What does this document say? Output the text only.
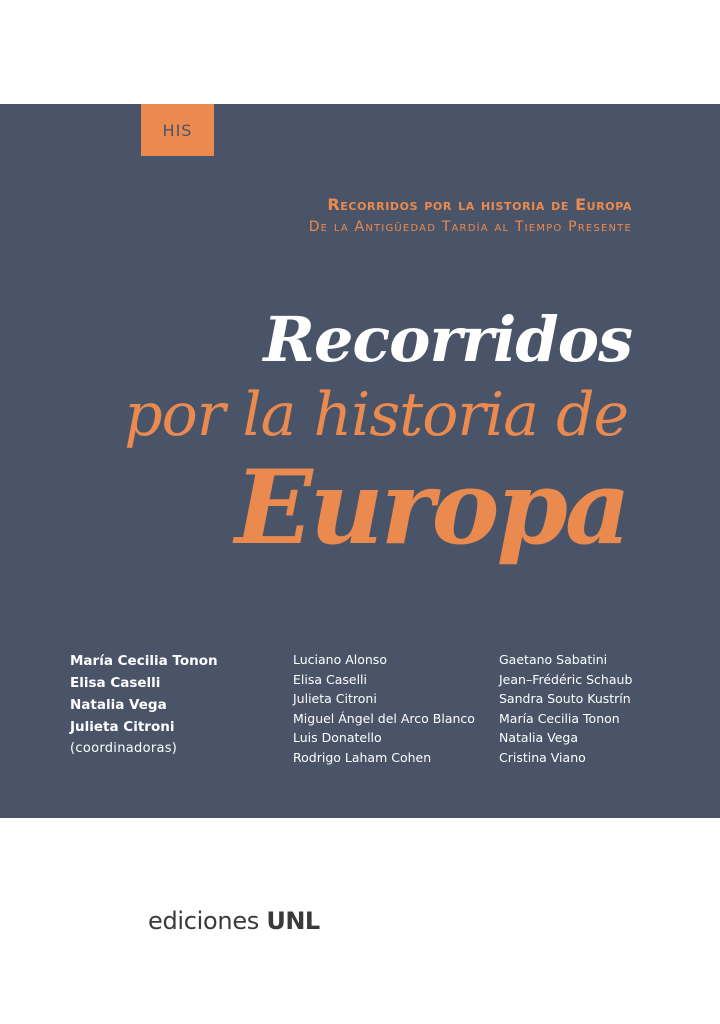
HIS
Recorridos por la historia de Europa
De la Antigüedad Tardía al Tiempo Presente
Recorridos
por la historia de
Europa
María Cecilia Tonon
Elisa Caselli
Natalia Vega
Julieta Citroni
(coordinadoras)
Luciano Alonso
Elisa Caselli
Julieta Citroni
Miguel Ángel del Arco Blanco
Luis Donatello
Rodrigo Laham Cohen
Gaetano Sabatini
Jean–Frédéric Schaub
Sandra Souto Kustrín
María Cecilia Tonon
Natalia Vega
Cristina Viano
ediciones UNL
